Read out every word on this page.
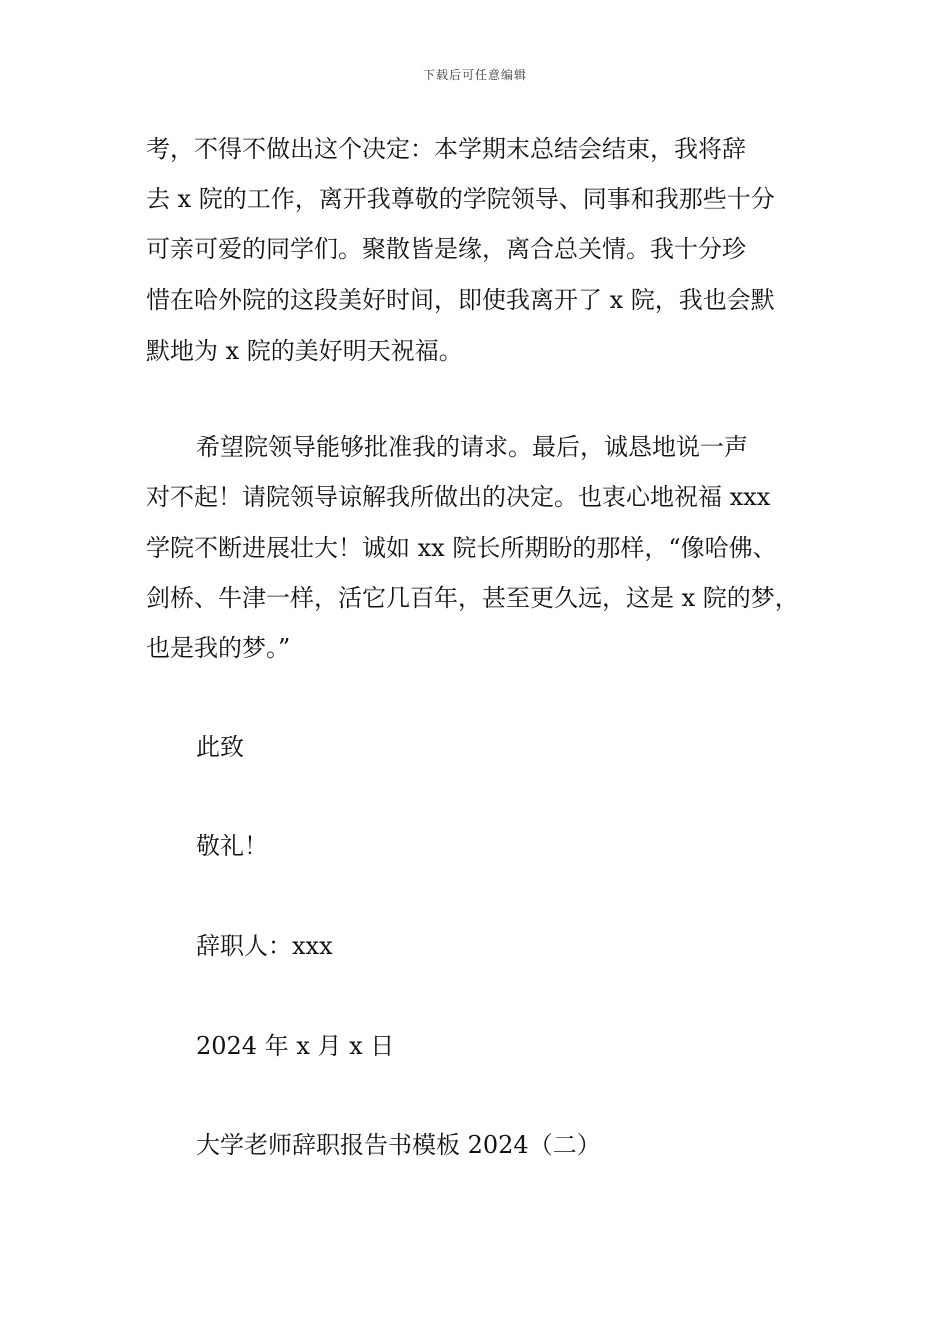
下载后可任意编辑
考，不得不做出这个决定：本学期末总结会结束，我将辞
去 x 院的工作，离开我尊敬的学院领导、同事和我那些十分
可亲可爱的同学们。聚散皆是缘，离合总关情。我十分珍
惜在哈外院的这段美好时间，即使我离开了 x 院，我也会默
默地为 x 院的美好明天祝福。
希望院领导能够批准我的请求。最后，诚恳地说一声
对不起！请院领导谅解我所做出的决定。也衷心地祝福 xxx
学院不断进展壮大！诚如 xx 院长所期盼的那样，“像哈佛、
剑桥、牛津一样，活它几百年，甚至更久远，这是 x 院的梦，
也是我的梦。”
此致
敬礼！
辞职人：xxx
2024 年 x 月 x 日
大学老师辞职报告书模板 2024（二）
